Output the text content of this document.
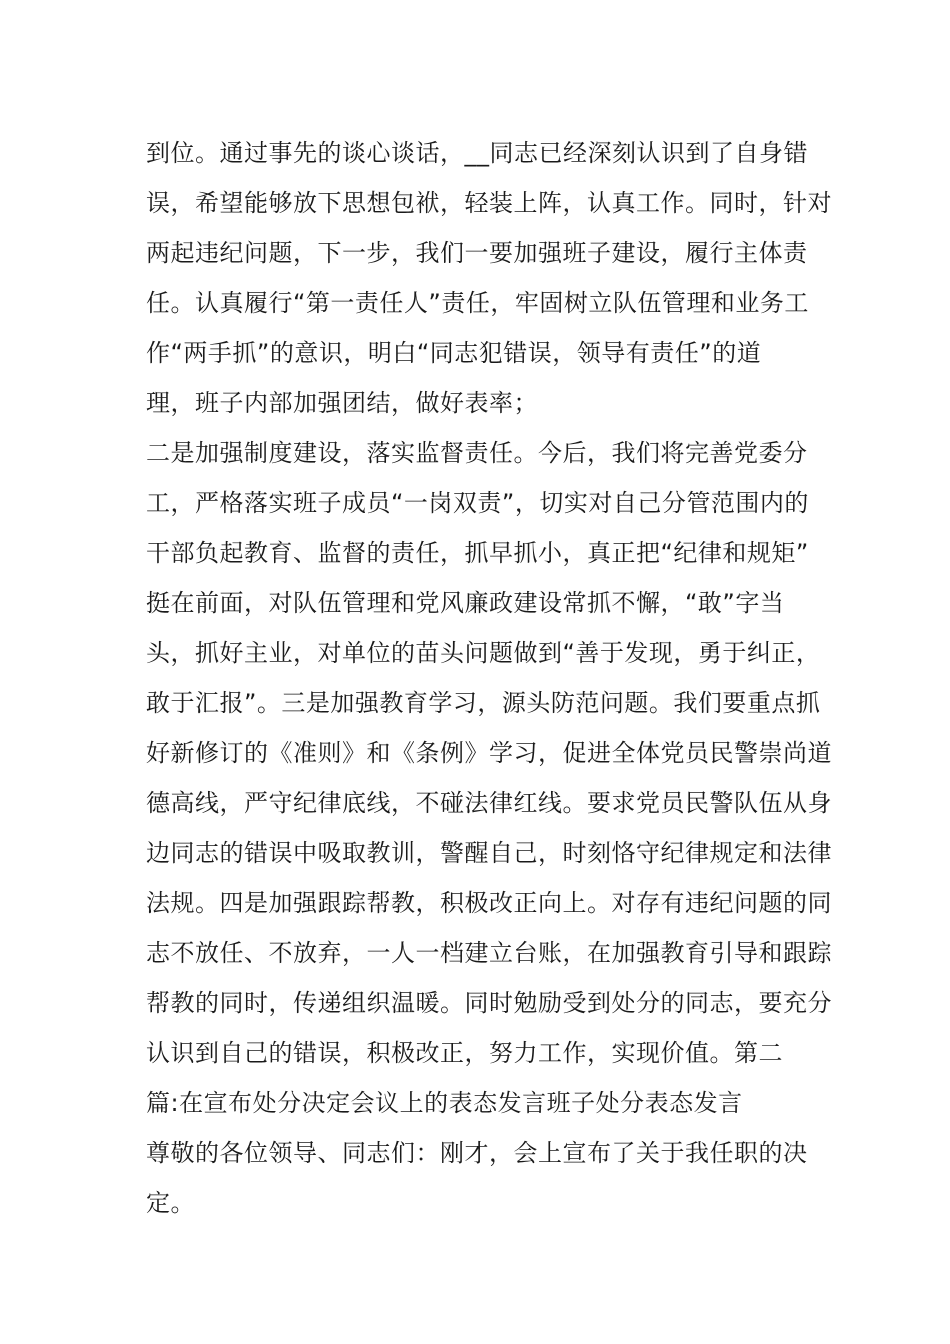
到位。通过事先的谈心谈话，__同志已经深刻认识到了自身错
误，希望能够放下思想包袱，轻装上阵，认真工作。同时，针对
两起违纪问题，下一步，我们一要加强班子建设，履行主体责
任。认真履行“第一责任人”责任，牢固树立队伍管理和业务工
作“两手抓”的意识，明白“同志犯错误，领导有责任”的道
理，班子内部加强团结，做好表率；
二是加强制度建设，落实监督责任。今后，我们将完善党委分
工，严格落实班子成员“一岗双责”，切实对自己分管范围内的
干部负起教育、监督的责任，抓早抓小，真正把“纪律和规矩”
挺在前面，对队伍管理和党风廉政建设常抓不懈，“敢”字当
头，抓好主业，对单位的苗头问题做到“善于发现，勇于纠正，
敢于汇报”。三是加强教育学习，源头防范问题。我们要重点抓
好新修订的《准则》和《条例》学习，促进全体党员民警崇尚道
德高线，严守纪律底线，不碰法律红线。要求党员民警队伍从身
边同志的错误中吸取教训，警醒自己，时刻恪守纪律规定和法律
法规。四是加强跟踪帮教，积极改正向上。对存有违纪问题的同
志不放任、不放弃，一人一档建立台账，在加强教育引导和跟踪
帮教的同时，传递组织温暖。同时勉励受到处分的同志，要充分
认识到自己的错误，积极改正，努力工作，实现价值。第二
篇:在宣布处分决定会议上的表态发言班子处分表态发言
尊敬的各位领导、同志们：刚才，会上宣布了关于我任职的决
定。
